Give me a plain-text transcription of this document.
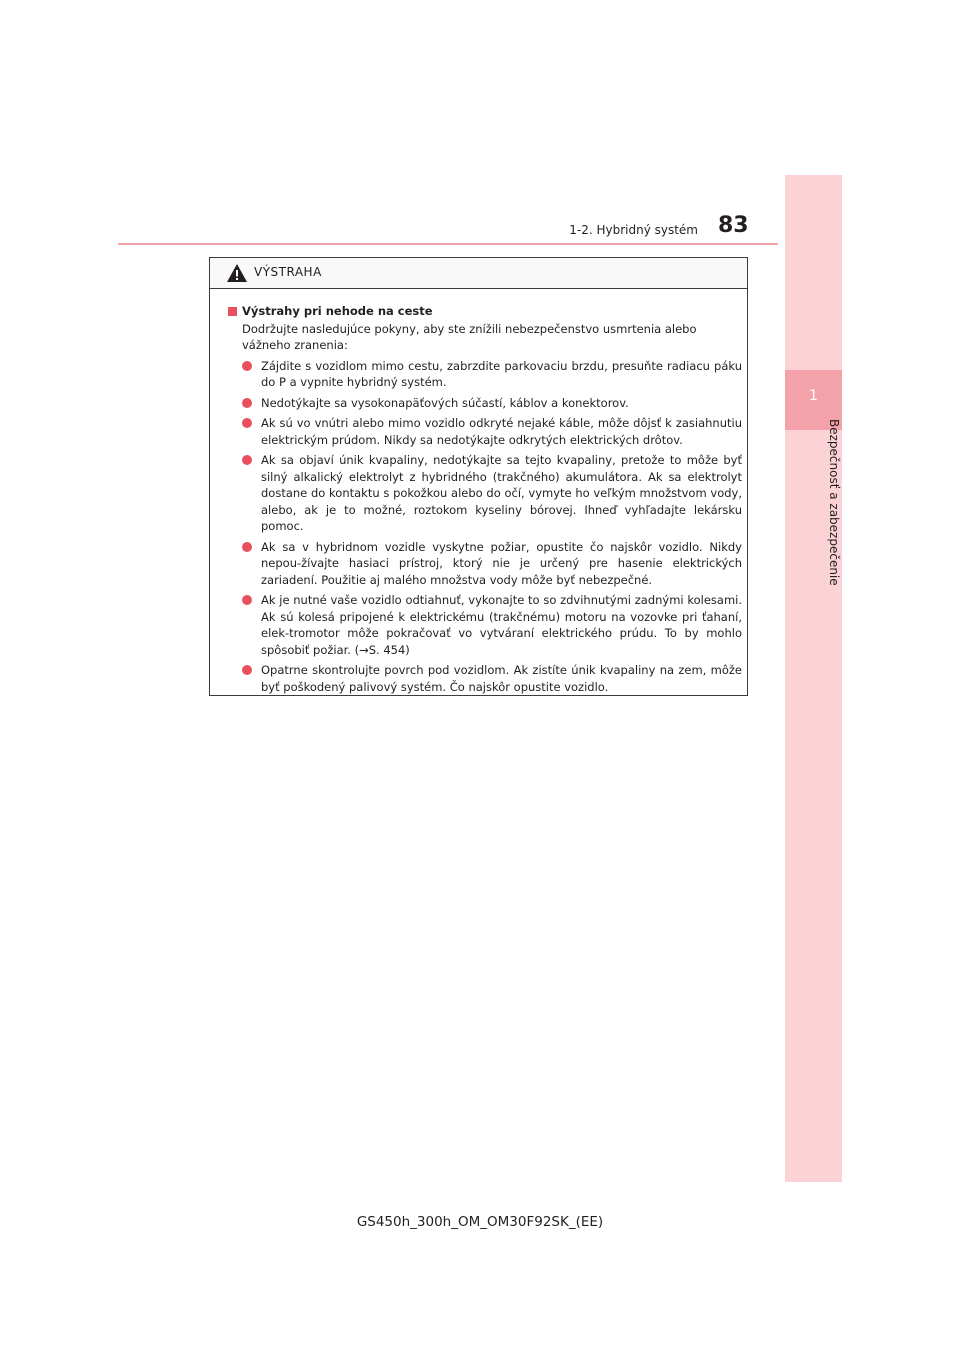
1
Bezpečnosť a zabezpečenie
1-2. Hybridný systém 83
VÝSTRAHA
Výstrahy pri nehode na ceste
Dodržujte nasledujúce pokyny, aby ste znížili nebezpečenstvo usmrtenia alebo vážneho zranenia:
Zájdite s vozidlom mimo cestu, zabrzdite parkovaciu brzdu, presuňte radiacu páku do P a vypnite hybridný systém.
Nedotýkajte sa vysokonapäťových súčastí, káblov a konektorov.
Ak sú vo vnútri alebo mimo vozidlo odkryté nejaké káble, môže dôjsť k zasiahnutiu elektrickým prúdom. Nikdy sa nedotýkajte odkrytých elektrických drôtov.
Ak sa objaví únik kvapaliny, nedotýkajte sa tejto kvapaliny, pretože to môže byť silný alkalický elektrolyt z hybridného (trakčného) akumulátora. Ak sa elektrolyt dostane do kontaktu s pokožkou alebo do očí, vymyte ho veľkým množstvom vody, alebo, ak je to možné, roztokom kyseliny bórovej. Ihneď vyhľadajte lekársku pomoc.
Ak sa v hybridnom vozidle vyskytne požiar, opustite čo najskôr vozidlo. Nikdy nepou-žívajte hasiaci prístroj, ktorý nie je určený pre hasenie elektrických zariadení. Použitie aj malého množstva vody môže byť nebezpečné.
Ak je nutné vaše vozidlo odtiahnuť, vykonajte to so zdvihnutými zadnými kolesami. Ak sú kolesá pripojené k elektrickému (trakčnému) motoru na vozovke pri ťahaní, elek-tromotor môže pokračovať vo vytváraní elektrického prúdu. To by mohlo spôsobiť požiar. (→S. 454)
Opatrne skontrolujte povrch pod vozidlom. Ak zistíte únik kvapaliny na zem, môže byť poškodený palivový systém. Čo najskôr opustite vozidlo.
GS450h_300h_OM_OM30F92SK_(EE)
